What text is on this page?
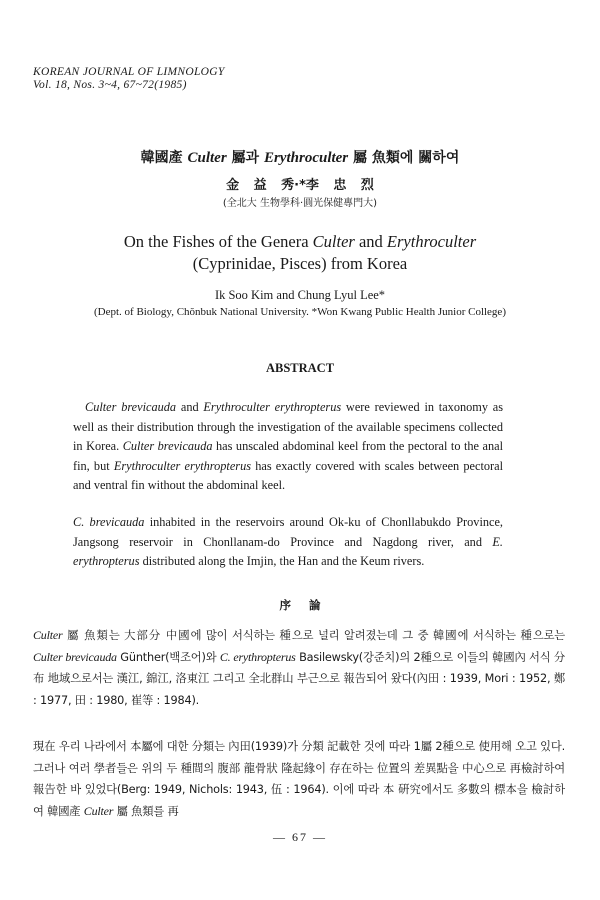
KOREAN JOURNAL OF LIMNOLOGY
Vol. 18, Nos. 3~4, 67~72(1985)
韓國產 Culter 屬과 Erythroculter 屬 魚類에 關하여
金 益 秀·*李 忠 烈
(全北大 生物學科·圓光保健專門大)
On the Fishes of the Genera Culter and Erythroculter
(Cyprinidae, Pisces) from Korea
Ik Soo Kim and Chung Lyul Lee*
(Dept. of Biology, Chŏnbuk National University. *Won Kwang Public Health Junior College)
ABSTRACT

Culter brevicauda and Erythroculter erythropterus were reviewed in taxonomy as well as their distribution through the investigation of the available specimens collected in Korea. Culter brevicauda has unscaled abdominal keel from the pectoral to the anal fin, but Erythroculter erythropterus has exactly covered with scales between pectoral and ventral fin without the abdominal keel.

C. brevicauda inhabited in the reservoirs around Ok-ku of Chonllabukdo Province, Jangsong reservoir in Chonllanam-do Province and Nagdong river, and E. erythropterus distributed along the Imjin, the Han and the Keum rivers.

序 論

Culter 屬 魚類는 大部分 中國에 많이 서식하는 種으로 널리 알려졌는데 그 중 韓國에 서식하는 種으로는 Culter brevicauda Günther(백조어)와 C. erythropterus Basilewsky(강준치)의 2種으로 이들의 韓國內 서식 分布 地域으로서는 漢江, 錦江, 洛東江 그리고 全北群山 부근으로 報告되어 왔다(內田 : 1939, Mori : 1952, 鄭 : 1977, 田 : 1980, 崔等 : 1984).

現在 우리 나라에서 本屬에 대한 分類는 內田(1939)가 分類 記載한 것에 따라 1屬 2種으로 使用해 오고 있다. 그러나 여러 學者들은 위의 두 種間의 腹部 龍骨狀 隆起緣이 存在하는 位置의 差異點을 中心으로 再檢討하여 報告한 바 있었다(Berg: 1949, Nichols: 1943, 伍 : 1964). 이에 따라 本 硏究에서도 多數의 標本을 檢討하여 韓國產 Culter 屬 魚類를 再

— 67 —
